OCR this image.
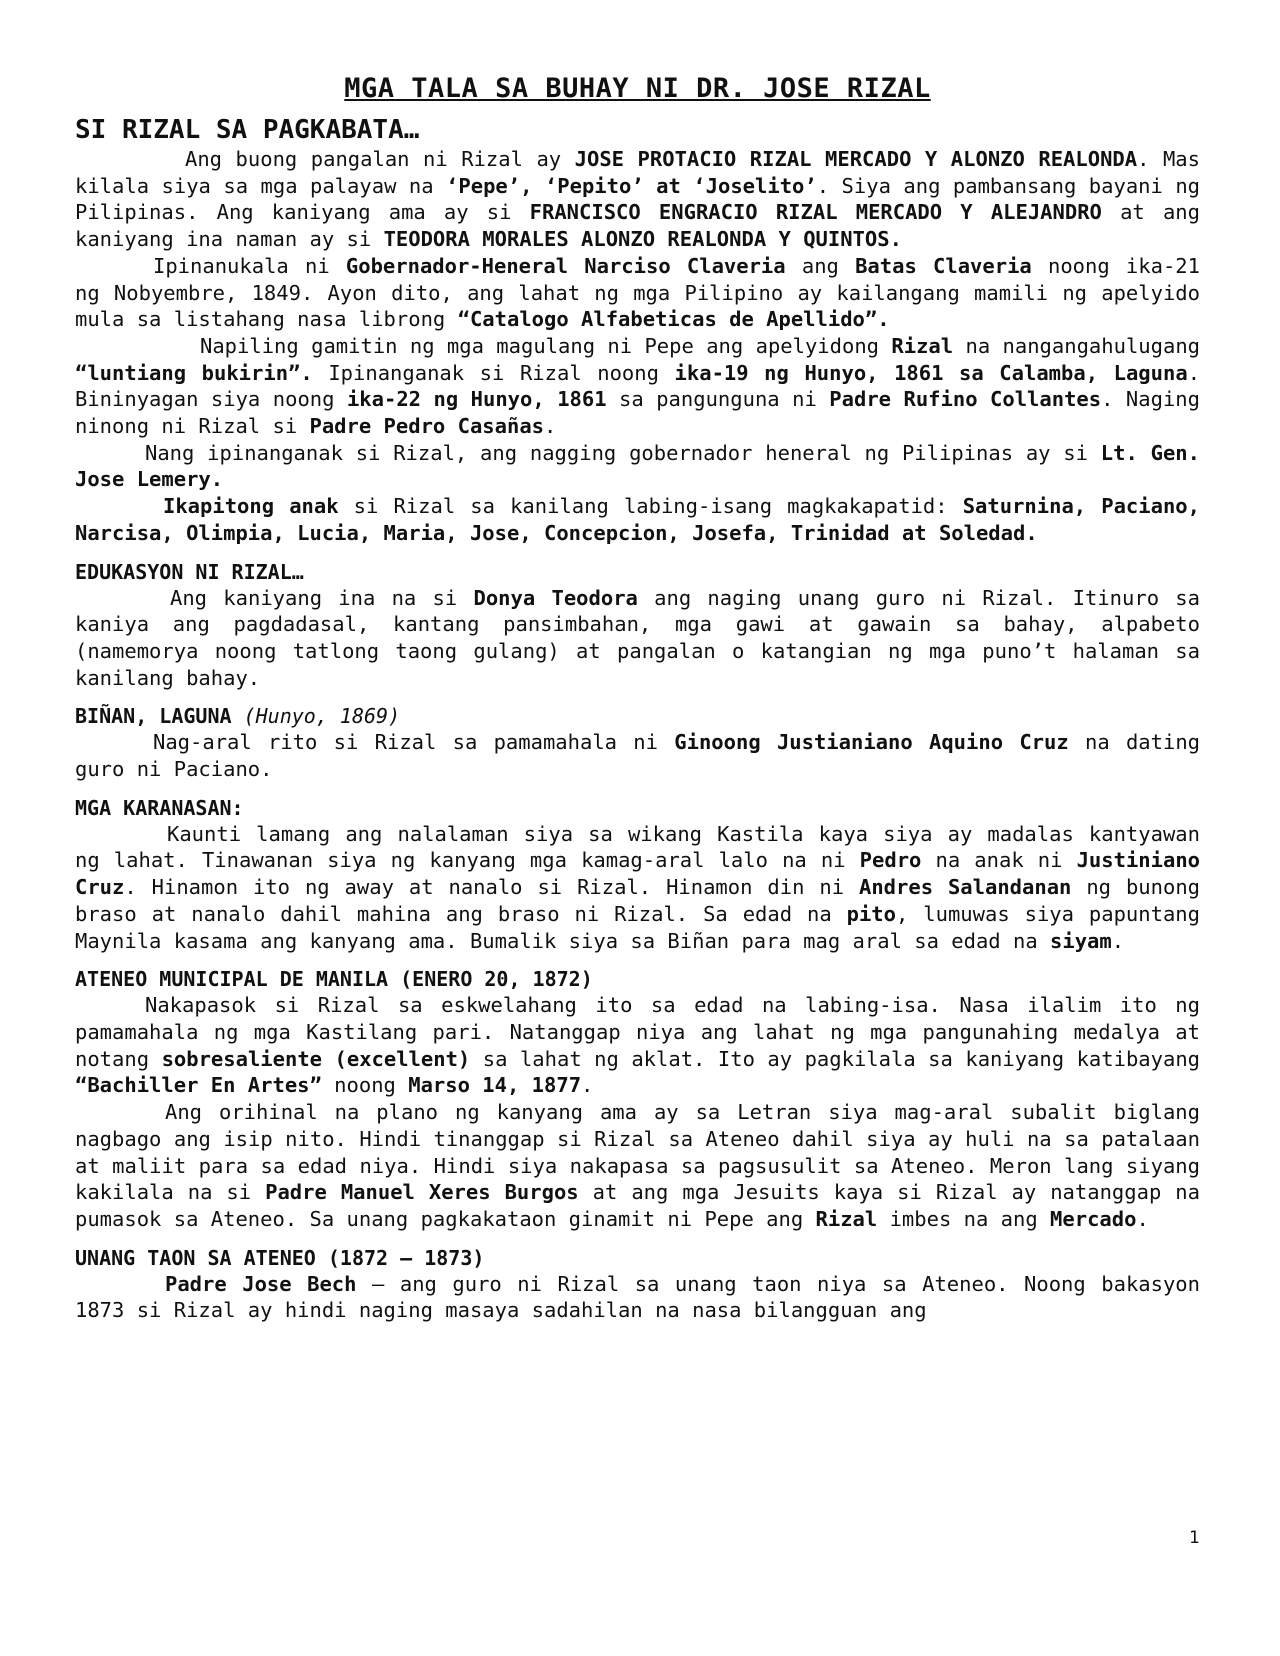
MGA TALA SA BUHAY NI DR. JOSE RIZAL
SI RIZAL SA PAGKABATA…

Ang buong pangalan ni Rizal ay JOSE PROTACIO RIZAL MERCADO Y ALONZO REALONDA. Mas kilala siya sa mga palayaw na ‘Pepe’, ‘Pepito’ at ‘Joselito’. Siya ang pambansang bayani ng Pilipinas. Ang kaniyang ama ay si FRANCISCO ENGRACIO RIZAL MERCADO Y ALEJANDRO at ang kaniyang ina naman ay si TEODORA MORALES ALONZO REALONDA Y QUINTOS.

Ipinanukala ni Gobernador-Heneral Narciso Claveria ang Batas Claveria noong ika-21 ng Nobyembre, 1849. Ayon dito, ang lahat ng mga Pilipino ay kailangang mamili ng apelyido mula sa listahang nasa librong “Catalogo Alfabeticas de Apellido”.

Napiling gamitin ng mga magulang ni Pepe ang apelyidong Rizal na nangangahulugang “luntiang bukirin”. Ipinanganak si Rizal noong ika-19 ng Hunyo, 1861 sa Calamba, Laguna. Bininyagan siya noong ika-22 ng Hunyo, 1861 sa pangunguna ni Padre Rufino Collantes. Naging ninong ni Rizal si Padre Pedro Casañas.

Nang ipinanganak si Rizal, ang nagging gobernador heneral ng Pilipinas ay si Lt. Gen. Jose Lemery.

Ikapitong anak si Rizal sa kanilang labing-isang magkakapatid: Saturnina, Paciano, Narcisa, Olimpia, Lucia, Maria, Jose, Concepcion, Josefa, Trinidad at Soledad.

EDUKASYON NI RIZAL…

Ang kaniyang ina na si Donya Teodora ang naging unang guro ni Rizal. Itinuro sa kaniya ang pagdadasal, kantang pansimbahan, mga gawi at gawain sa bahay, alpabeto (namemorya noong tatlong taong gulang) at pangalan o katangian ng mga puno’t halaman sa kanilang bahay.

BIÑAN, LAGUNA (Hunyo, 1869)

Nag-aral rito si Rizal sa pamamahala ni Ginoong Justianiano Aquino Cruz na dating guro ni Paciano.

MGA KARANASAN:

Kaunti lamang ang nalalaman siya sa wikang Kastila kaya siya ay madalas kantyawan ng lahat. Tinawanan siya ng kanyang mga kamag-aral lalo na ni Pedro na anak ni Justiniano Cruz. Hinamon ito ng away at nanalo si Rizal. Hinamon din ni Andres Salandanan ng bunong braso at nanalo dahil mahina ang braso ni Rizal. Sa edad na pito, lumuwas siya papuntang Maynila kasama ang kanyang ama. Bumalik siya sa Biñan para mag aral sa edad na siyam.

ATENEO MUNICIPAL DE MANILA (ENERO 20, 1872)

Nakapasok si Rizal sa eskwelahang ito sa edad na labing-isa. Nasa ilalim ito ng pamamahala ng mga Kastilang pari. Natanggap niya ang lahat ng mga pangunahing medalya at notang sobresaliente (excellent) sa lahat ng aklat. Ito ay pagkilala sa kaniyang katibayang “Bachiller En Artes” noong Marso 14, 1877.

Ang orihinal na plano ng kanyang ama ay sa Letran siya mag-aral subalit biglang nagbago ang isip nito. Hindi tinanggap si Rizal sa Ateneo dahil siya ay huli na sa patalaan at maliit para sa edad niya. Hindi siya nakapasa sa pagsusulit sa Ateneo. Meron lang siyang kakilala na si Padre Manuel Xeres Burgos at ang mga Jesuits kaya si Rizal ay natanggap na pumasok sa Ateneo. Sa unang pagkakataon ginamit ni Pepe ang Rizal imbes na ang Mercado.

UNANG TAON SA ATENEO (1872 – 1873)

Padre Jose Bech – ang guro ni Rizal sa unang taon niya sa Ateneo. Noong bakasyon 1873 si Rizal ay hindi naging masaya sadahilan na nasa bilangguan ang

1
